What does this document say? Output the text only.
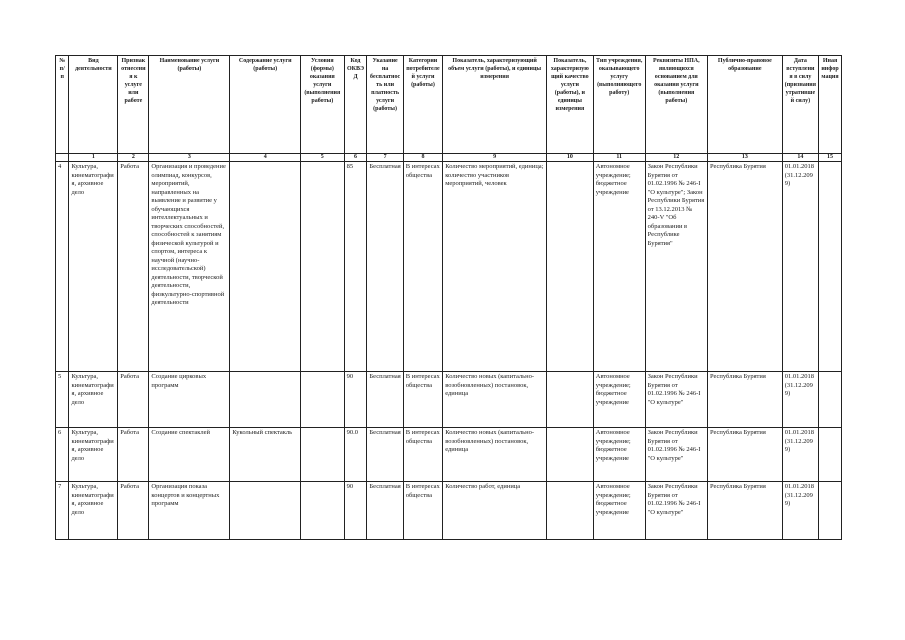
№ п/п	Вид деятельности	Признак отнесения к услуге или работе	Наименование услуги (работы)	Содержание услуги (работы)	Условия (формы) оказания услуги (выполнения работы)	Код ОКВЭД	Указание на бесплатность или платность услуги (работы)	Категории потребителей услуги (работы)	Показатель, характеризующий объем услуги (работы), и единицы измерения	Показатель, характеризующий качество услуги (работы), и единицы измерения	Тип учреждения, оказывающего услугу (выполняющего работу)	Реквизиты НПА, являющихся основанием для оказания услуги (выполнения работы)	Публично-правовое образование	Дата вступления в силу (признания утратившей силу)	Иная информация
	1	2	3	4	5	6	7	8	9	10	11	12	13	14	15
4	Культура, кинематография, архивное дело	Работа	Организация и проведение олимпиад, конкурсов, мероприятий, направленных на выявление и развитие у обучающихся интеллектуальных и творческих способностей, способностей к занятиям физической культурой и спортом, интереса к научной (научно-исследовательской) деятельности, творческой деятельности, физкультурно-спортивной деятельности			85	Бесплатная	В интересах общества	Количество мероприятий, единица; количество участников мероприятий, человек		Автономное учреждение; бюджетное учреждение	Закон Республики Бурятия от 01.02.1996 № 246-I "О культуре"; Закон Республики Бурятия от 13.12.2013 № 240-V "Об образовании в Республике Бурятия"	Республика Бурятия	01.01.2018 (31.12.2099)	
5	Культура, кинематография, архивное дело	Работа	Создание цирковых программ			90	Бесплатная	В интересах общества	Количество новых (капитально-возобновленных) постановок, единица		Автономное учреждение; бюджетное учреждение	Закон Республики Бурятия от 01.02.1996 № 246-I "О культуре"	Республика Бурятия	01.01.2018 (31.12.2099)	
6	Культура, кинематография, архивное дело	Работа	Создание спектаклей	Кукольный спектакль		90.0	Бесплатная	В интересах общества	Количество новых (капитально-возобновленных) постановок, единица		Автономное учреждение; бюджетное учреждение	Закон Республики Бурятия от 01.02.1996 № 246-I "О культуре"	Республика Бурятия	01.01.2018 (31.12.2099)	
7	Культура, кинематография, архивное дело	Работа	Организация показа концертов и концертных программ			90	Бесплатная	В интересах общества	Количество работ, единица		Автономное учреждение; бюджетное учреждение	Закон Республики Бурятия от 01.02.1996 № 246-I "О культуре"	Республика Бурятия	01.01.2018 (31.12.2099)	
